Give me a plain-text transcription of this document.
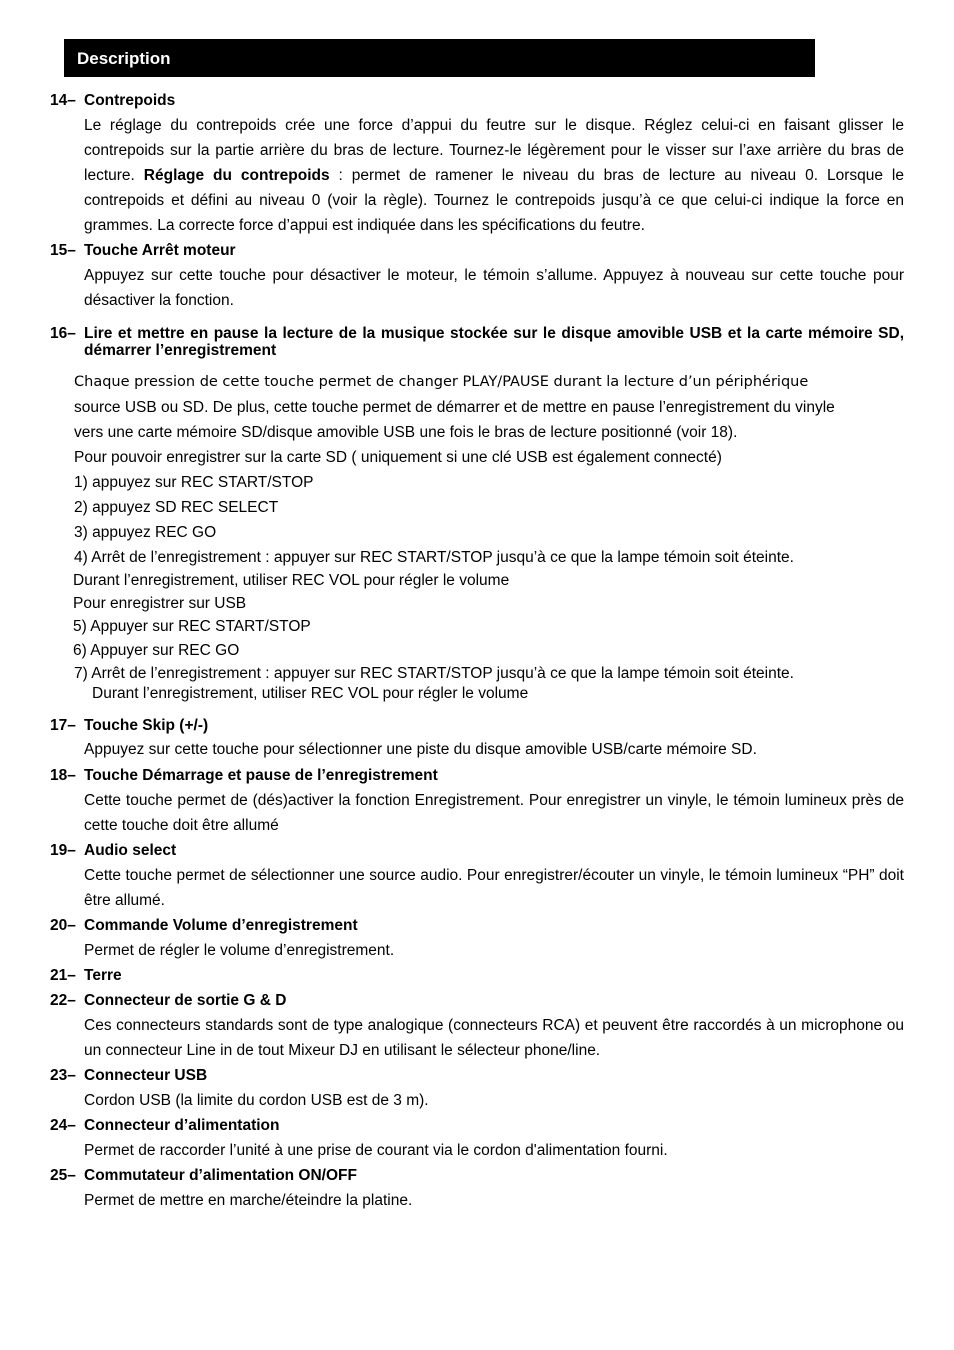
Description
14– Contrepoids
Le réglage du contrepoids crée une force d’appui du feutre sur le disque. Réglez celui-ci en faisant glisser le contrepoids sur la partie arrière du bras de lecture. Tournez-le légèrement pour le visser sur l’axe arrière du bras de lecture. Réglage du contrepoids : permet de ramener le niveau du bras de lecture au niveau 0. Lorsque le contrepoids et défini au niveau 0 (voir la règle). Tournez le contrepoids jusqu’à ce que celui-ci indique la force en grammes. La correcte force d’appui est indiquée dans les spécifications du feutre.
15– Touche Arrêt moteur
Appuyez sur cette touche pour désactiver le moteur, le témoin s’allume. Appuyez à nouveau sur cette touche pour désactiver la fonction.
16– Lire et mettre en pause la lecture de la musique stockée sur le disque amovible USB et la carte mémoire SD, démarrer l’enregistrement
Chaque pression de cette touche permet de changer PLAY/PAUSE durant la lecture d’un périphérique
source USB ou SD. De plus, cette touche permet de démarrer et de mettre en pause l’enregistrement du vinyle
vers une carte mémoire SD/disque amovible USB une fois le bras de lecture positionné (voir 18).
Pour pouvoir enregistrer sur la carte SD ( uniquement si une clé USB est également connecté)
1) appuyez sur REC START/STOP
2) appuyez SD REC SELECT
3) appuyez REC GO
4) Arrêt de l’enregistrement : appuyer sur REC START/STOP jusqu’à ce que la lampe témoin soit éteinte.
Durant l’enregistrement, utiliser REC VOL pour régler le volume
Pour enregistrer sur USB
5) Appuyer sur REC START/STOP
6) Appuyer sur REC GO
7) Arrêt de l’enregistrement : appuyer sur REC START/STOP jusqu’à ce que la lampe témoin soit éteinte.
Durant l’enregistrement, utiliser REC VOL pour régler le volume
17– Touche Skip (+/-)
Appuyez sur cette touche pour sélectionner une piste du disque amovible USB/carte mémoire SD.
18– Touche Démarrage et pause de l’enregistrement
Cette touche permet de (dés)activer la fonction Enregistrement. Pour enregistrer un vinyle, le témoin lumineux près de cette touche doit être allumé
19– Audio select
Cette touche permet de sélectionner une source audio. Pour enregistrer/écouter un vinyle, le témoin lumineux “PH” doit être allumé.
20– Commande Volume d’enregistrement
Permet de régler le volume d’enregistrement.
21– Terre
22– Connecteur de sortie G & D
Ces connecteurs standards sont de type analogique (connecteurs RCA) et peuvent être raccordés à un microphone ou un connecteur Line in de tout Mixeur DJ en utilisant le sélecteur phone/line.
23– Connecteur USB
Cordon USB (la limite du cordon USB est de 3 m).
24– Connecteur d’alimentation
Permet de raccorder l’unité à une prise de courant via le cordon d'alimentation fourni.
25– Commutateur d’alimentation ON/OFF
Permet de mettre en marche/éteindre la platine.
